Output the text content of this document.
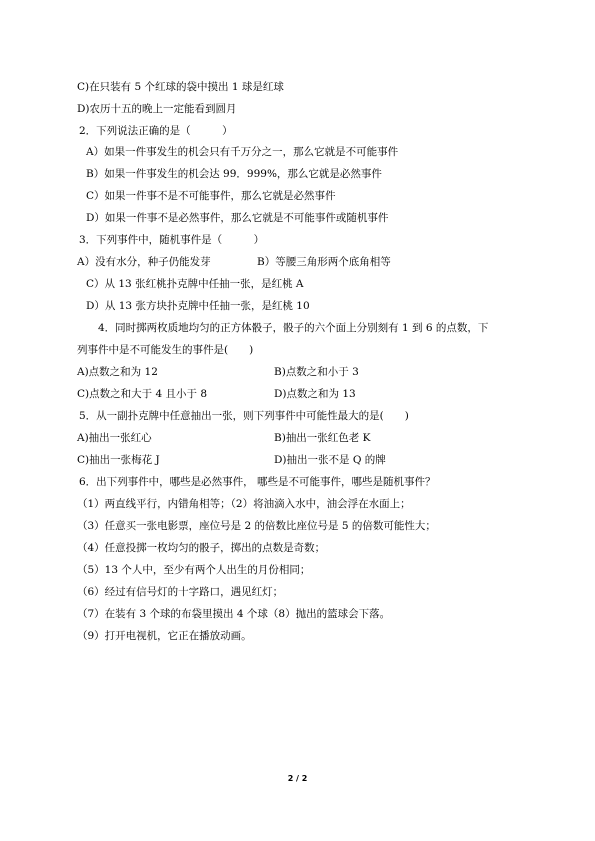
C)在只装有 5 个红球的袋中摸出 1 球是红球
D)农历十五的晚上一定能看到圆月
2．下列说法正确的是（　　　）
A）如果一件事发生的机会只有千万分之一，那么它就是不可能事件
B）如果一件事发生的机会达 99．999%，那么它就是必然事件
C）如果一件事不是不可能事件，那么它就是必然事件
D）如果一件事不是必然事件，那么它就是不可能事件或随机事件
3．下列事件中，随机事件是（　　　）
A）没有水分，种子仍能发芽	B）等腰三角形两个底角相等
C）从 13 张红桃扑克牌中任抽一张，是红桃 A
D）从 13 张方块扑克牌中任抽一张，是红桃 10
4．同时掷两枚质地均匀的正方体骰子，骰子的六个面上分别刻有 1 到 6 的点数，下
列事件中是不可能发生的事件是(　　)
A)点数之和为 12	B)点数之和小于 3
C)点数之和大于 4 且小于 8	D)点数之和为 13
5．从一副扑克牌中任意抽出一张，则下列事件中可能性最大的是(　　)
A)抽出一张红心	B)抽出一张红色老 K
C)抽出一张梅花 J	D)抽出一张不是 Q 的牌
6．出下列事件中，哪些是必然事件， 哪些是不可能事件，哪些是随机事件？
（1）两直线平行，内错角相等；（2）将油滴入水中，油会浮在水面上；
（3）任意买一张电影票，座位号是 2 的倍数比座位号是 5 的倍数可能性大；
（4）任意投掷一枚均匀的骰子，掷出的点数是奇数；
（5）13 个人中，至少有两个人出生的月份相同；
（6）经过有信号灯的十字路口，遇见红灯；
（7）在装有 3 个球的布袋里摸出 4 个球（8）抛出的篮球会下落。
（9）打开电视机，它正在播放动画。
2 / 2
